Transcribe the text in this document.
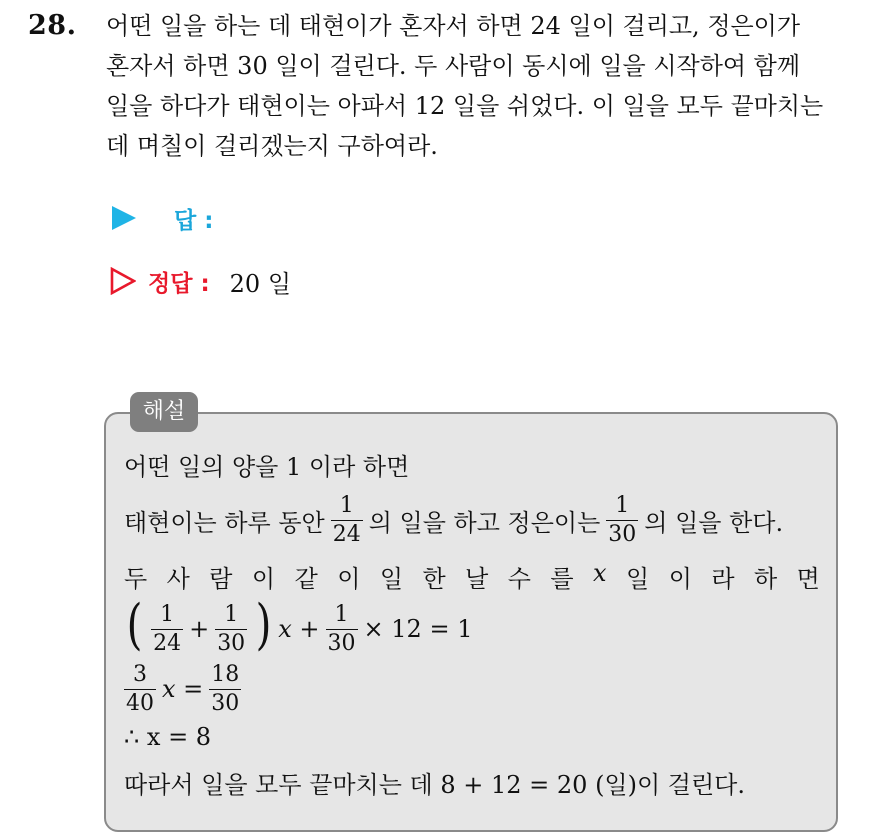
28. 어떤 일을 하는 데 태현이가 혼자서 하면 24 일이 걸리고, 정은이가
혼자서 하면 30 일이 걸린다. 두 사람이 동시에 일을 시작하여 함께
일을 하다가 태현이는 아파서 12 일을 쉬었다. 이 일을 모두 끝마치는
데 며칠이 걸리겠는지 구하여라.
답 :
정답 : 20 일
해설
어떤 일의 양을 1 이라 하면
태현이는 하루 동안 $\frac{1}{24}$ 의 일을 하고 정은이는 $\frac{1}{30}$ 의 일을 한다.
두 사 람 이 같 이 일 한 날 수 를 x 일 이 라 하 면
( $\frac{1}{24} + \frac{1}{30}$ ) $x + \frac{1}{30} \times 12 = 1$
$\frac{3}{40}$ $x = \frac{18}{30}$
∴ x = 8
따라서 일을 모두 끝마치는 데 8 + 12 = 20 (일)이 걸린다.
